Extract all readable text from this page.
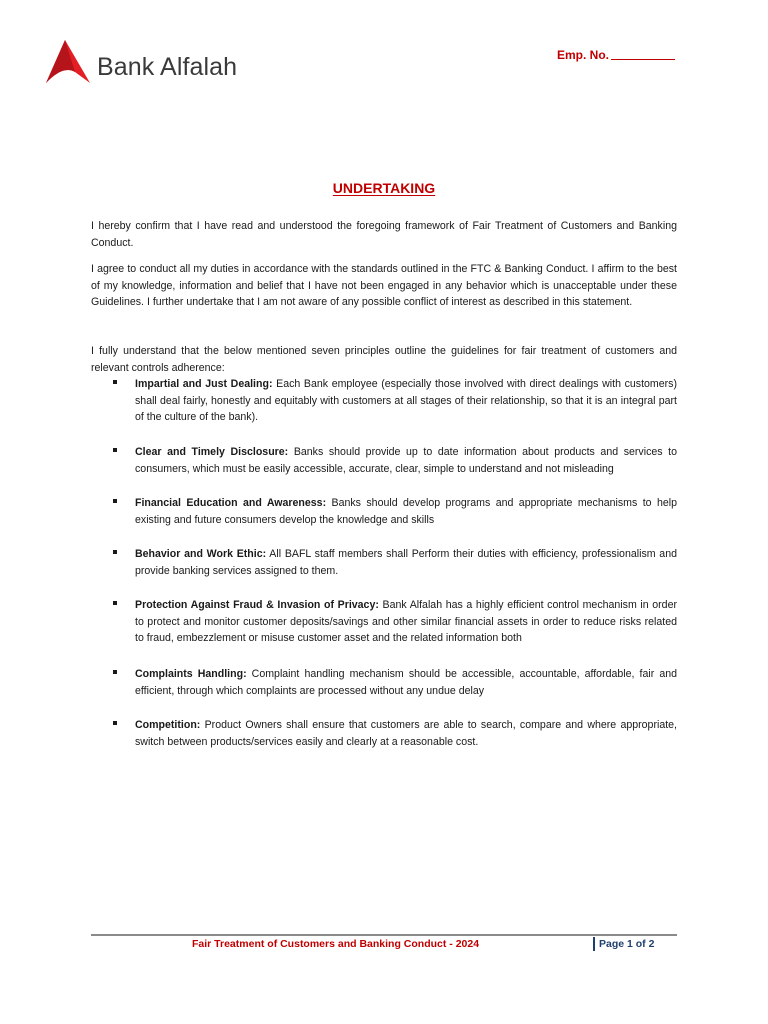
Bank Alfalah	Emp. No.
UNDERTAKING

I hereby confirm that I have read and understood the foregoing framework of Fair Treatment of Customers and Banking Conduct.

I agree to conduct all my duties in accordance with the standards outlined in the FTC & Banking Conduct. I affirm to the best of my knowledge, information and belief that I have not been engaged in any behavior which is unacceptable under these Guidelines. I further undertake that I am not aware of any possible conflict of interest as described in this statement.

I fully understand that the below mentioned seven principles outline the guidelines for fair treatment of customers and relevant controls adherence:

Impartial and Just Dealing: Each Bank employee (especially those involved with direct dealings with customers) shall deal fairly, honestly and equitably with customers at all stages of their relationship, so that it is an integral part of the culture of the bank).
Clear and Timely Disclosure: Banks should provide up to date information about products and services to consumers, which must be easily accessible, accurate, clear, simple to understand and not misleading
Financial Education and Awareness: Banks should develop programs and appropriate mechanisms to help existing and future consumers develop the knowledge and skills
Behavior and Work Ethic: All BAFL staff members shall Perform their duties with efficiency, professionalism and provide banking services assigned to them.
Protection Against Fraud & Invasion of Privacy: Bank Alfalah has a highly efficient control mechanism in order to protect and monitor customer deposits/savings and other similar financial assets in order to reduce risks related to fraud, embezzlement or misuse customer asset and the related information both
Complaints Handling: Complaint handling mechanism should be accessible, accountable, affordable, fair and efficient, through which complaints are processed without any undue delay
Competition: Product Owners shall ensure that customers are able to search, compare and where appropriate, switch between products/services easily and clearly at a reasonable cost.
Fair Treatment of Customers and Banking Conduct - 2024	Page 1 of 2
